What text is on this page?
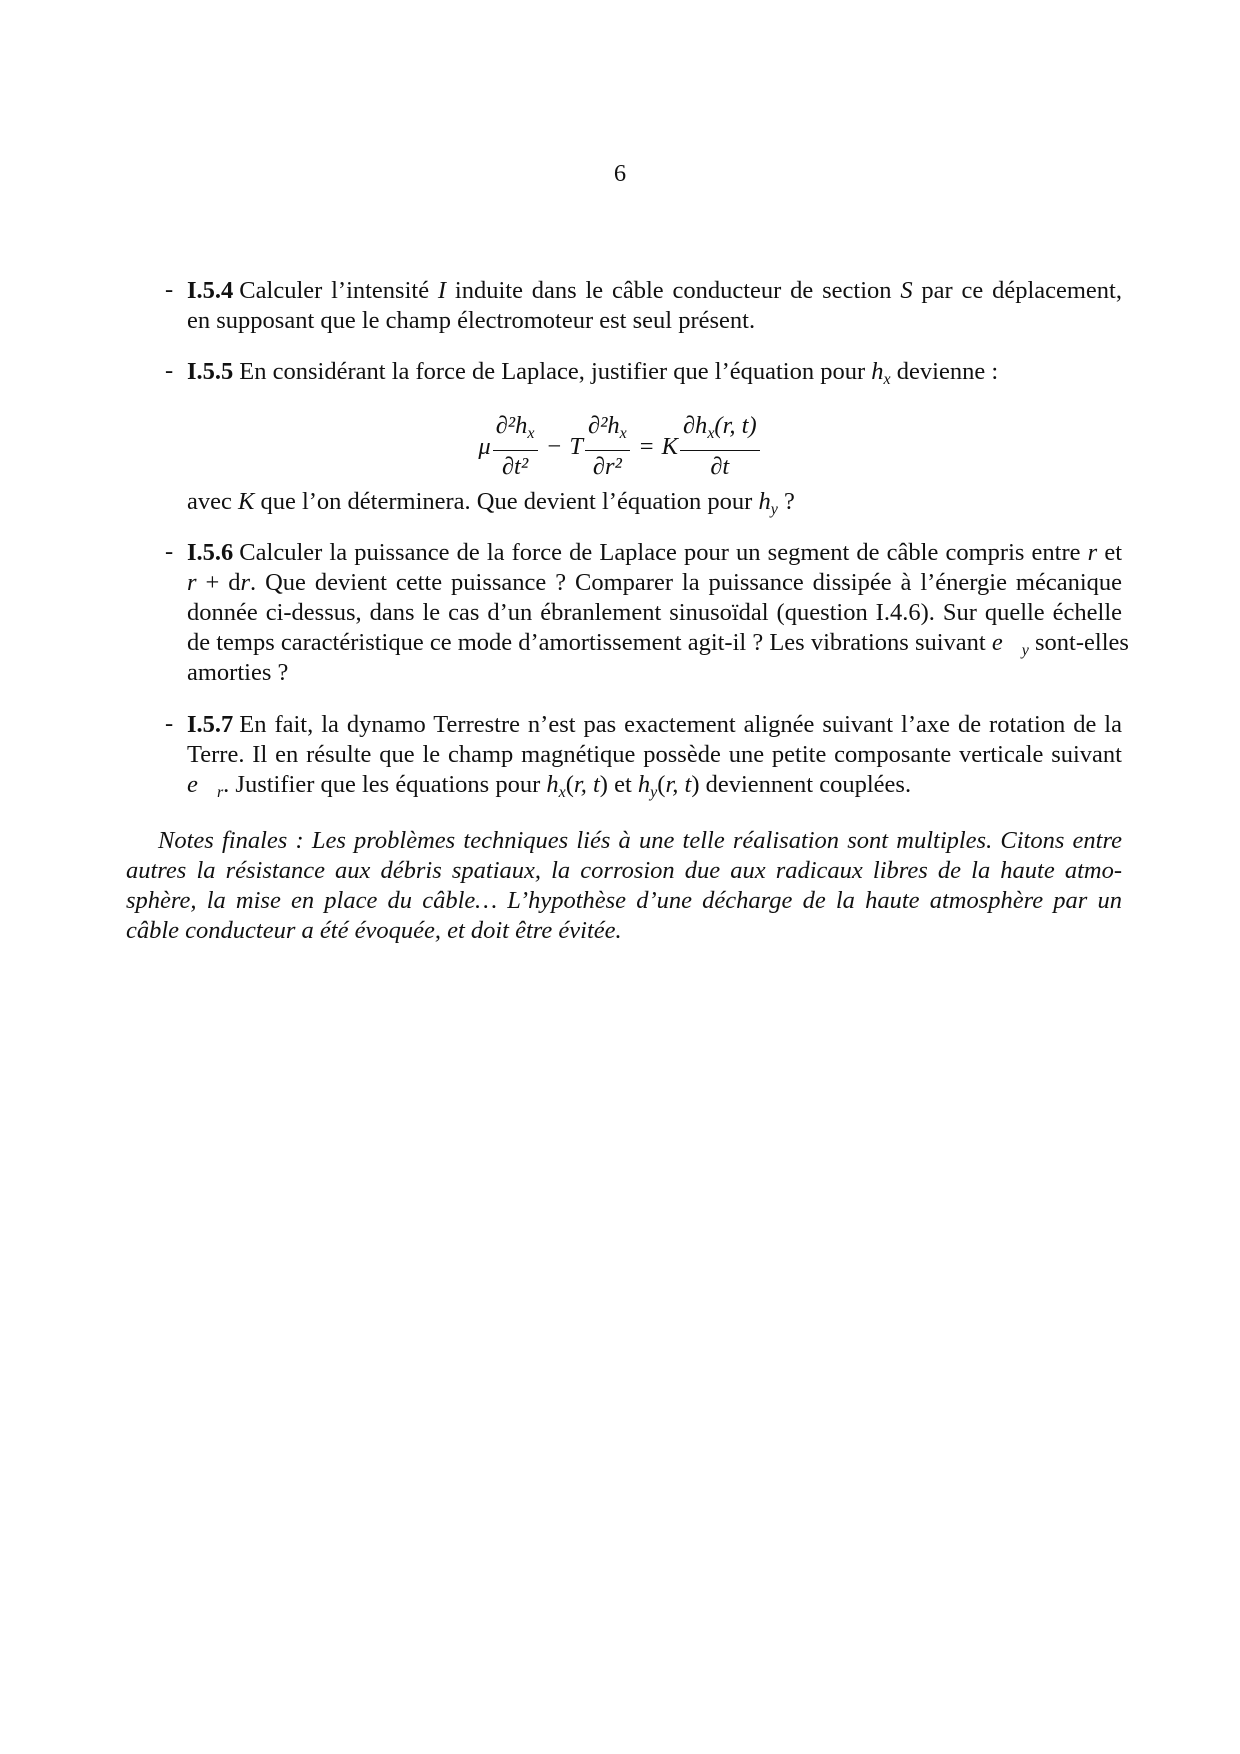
6
- I.5.4 Calculer l’intensité I induite dans le câble conducteur de section S par ce déplacement,
en supposant que le champ électromoteur est seul présent.
- I.5.5 En considérant la force de Laplace, justifier que l’équation pour $h_x$ devienne :
μ $\frac{\partial^2h_x}{\text{∂t²}} - T \frac{\partial^2h_x}{\text{∂r²}} = K \frac{\partial h_x(r, t)}{\partial t}$
avec K que l’on déterminera. Que devient l’équation pour $h_y$ ?
- I.5.6 Calculer la puissance de la force de Laplace pour un segment de câble compris entre r et
r + dr. Que devient cette puissance ? Comparer la puissance dissipée à l’énergie mécanique
donnée ci-dessus, dans le cas d’un ébranlement sinusoïdal (question I.4.6). Sur quelle échelle
de temps caractéristique ce mode d’amortissement agit-il ? Les vibrations suivant $e⃗_y$ sont-elles
amorties ?
- I.5.7 En fait, la dynamo Terrestre n’est pas exactement alignée suivant l’axe de rotation de la
Terre. Il en résulte que le champ magnétique possède une petite composante verticale suivant
$e⃗_r$. Justifier que les équations pour $h_x(r$, t) et $h_y(r$, t) deviennent couplées.
Notes finales : Les problèmes techniques liés à une telle réalisation sont multiples. Citons entre
autres la résistance aux débris spatiaux, la corrosion due aux radicaux libres de la haute atmo-
sphère, la mise en place du câble… L’hypothèse d’une décharge de la haute atmosphère par un
câble conducteur a été évoquée, et doit être évitée.
